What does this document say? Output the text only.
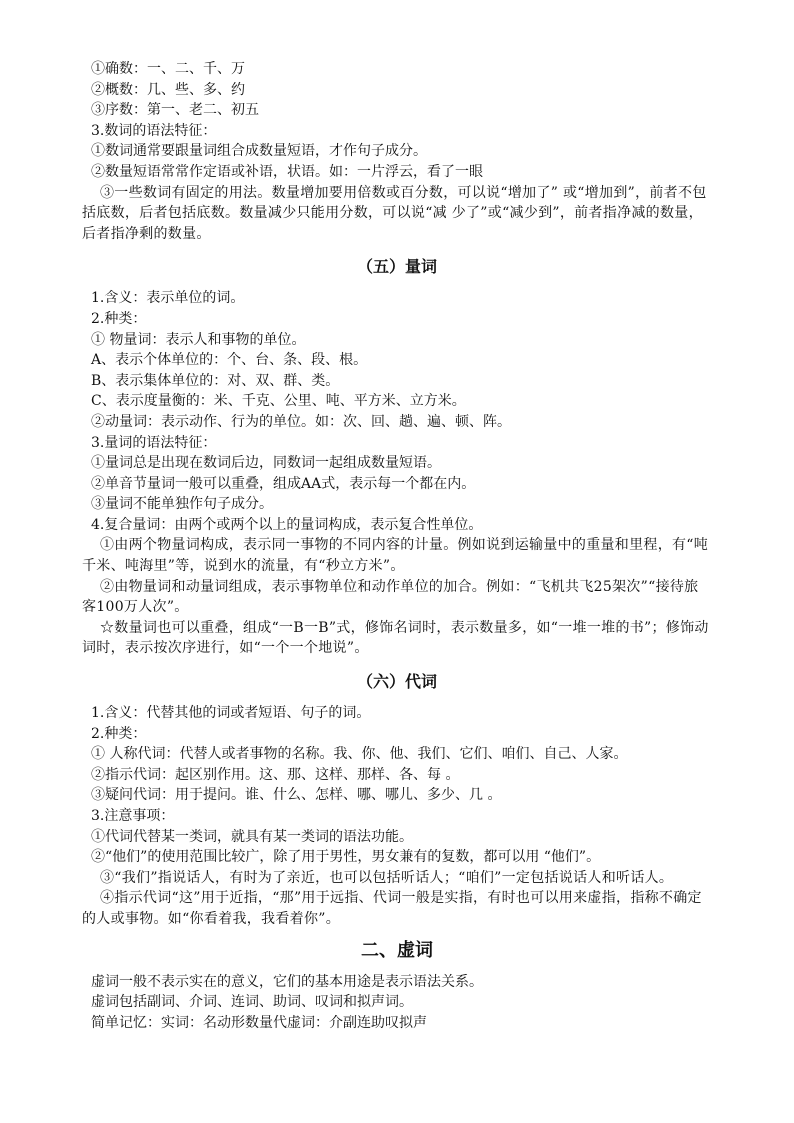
①确数：一、二、千、万
②概数：几、些、多、约
③序数：第一、老二、初五
3.数词的语法特征：
①数词通常要跟量词组合成数量短语，才作句子成分。
②数量短语常常作定语或补语，状语。如：一片浮云，看了一眼
③一些数词有固定的用法。数量增加要用倍数或百分数，可以说“增加了” 或“增加到”，前者不包括底数，后者包括底数。数量减少只能用分数，可以说“减 少了”或“减少到”，前者指净减的数量，后者指净剩的数量。
（五）量词
1.含义：表示单位的词。
2.种类：
① 物量词：表示人和事物的单位。
A、表示个体单位的：个、台、条、段、根。
B、表示集体单位的：对、双、群、类。
C、表示度量衡的：米、千克、公里、吨、平方米、立方米。
②动量词：表示动作、行为的单位。如：次、回、趟、遍、顿、阵。
3.量词的语法特征：
①量词总是出现在数词后边，同数词一起组成数量短语。
②单音节量词一般可以重叠，组成AA式，表示每一个都在内。
③量词不能单独作句子成分。
4.复合量词：由两个或两个以上的量词构成，表示复合性单位。
①由两个物量词构成，表示同一事物的不同内容的计量。例如说到运输量中的重量和里程，有“吨千米、吨海里”等，说到水的流量，有“秒立方米”。
②由物量词和动量词组成，表示事物单位和动作单位的加合。例如：“飞机共飞25架次”“接待旅客100万人次”。
☆数量词也可以重叠，组成“一B一B”式，修饰名词时，表示数量多，如“一堆一堆的书”；修饰动词时，表示按次序进行，如“一个一个地说”。
（六）代词
1.含义：代替其他的词或者短语、句子的词。
2.种类：
① 人称代词：代替人或者事物的名称。我、你、他、我们、它们、咱们、自己、人家。
②指示代词：起区别作用。这、那、这样、那样、各、每 。
③疑问代词：用于提问。谁、什么、怎样、哪、哪儿、多少、几 。
3.注意事项：
①代词代替某一类词，就具有某一类词的语法功能。
②“他们”的使用范围比较广，除了用于男性，男女兼有的复数，都可以用 “他们”。
③“我们”指说话人，有时为了亲近，也可以包括听话人；“咱们”一定包括说话人和听话人。
④指示代词“这”用于近指，“那”用于远指、代词一般是实指，有时也可以用来虚指，指称不确定的人或事物。如“你看着我，我看着你”。
二、虚词
虚词一般不表示实在的意义，它们的基本用途是表示语法关系。
虚词包括副词、介词、连词、助词、叹词和拟声词。
简单记忆：实词：名动形数量代虚词：介副连助叹拟声
